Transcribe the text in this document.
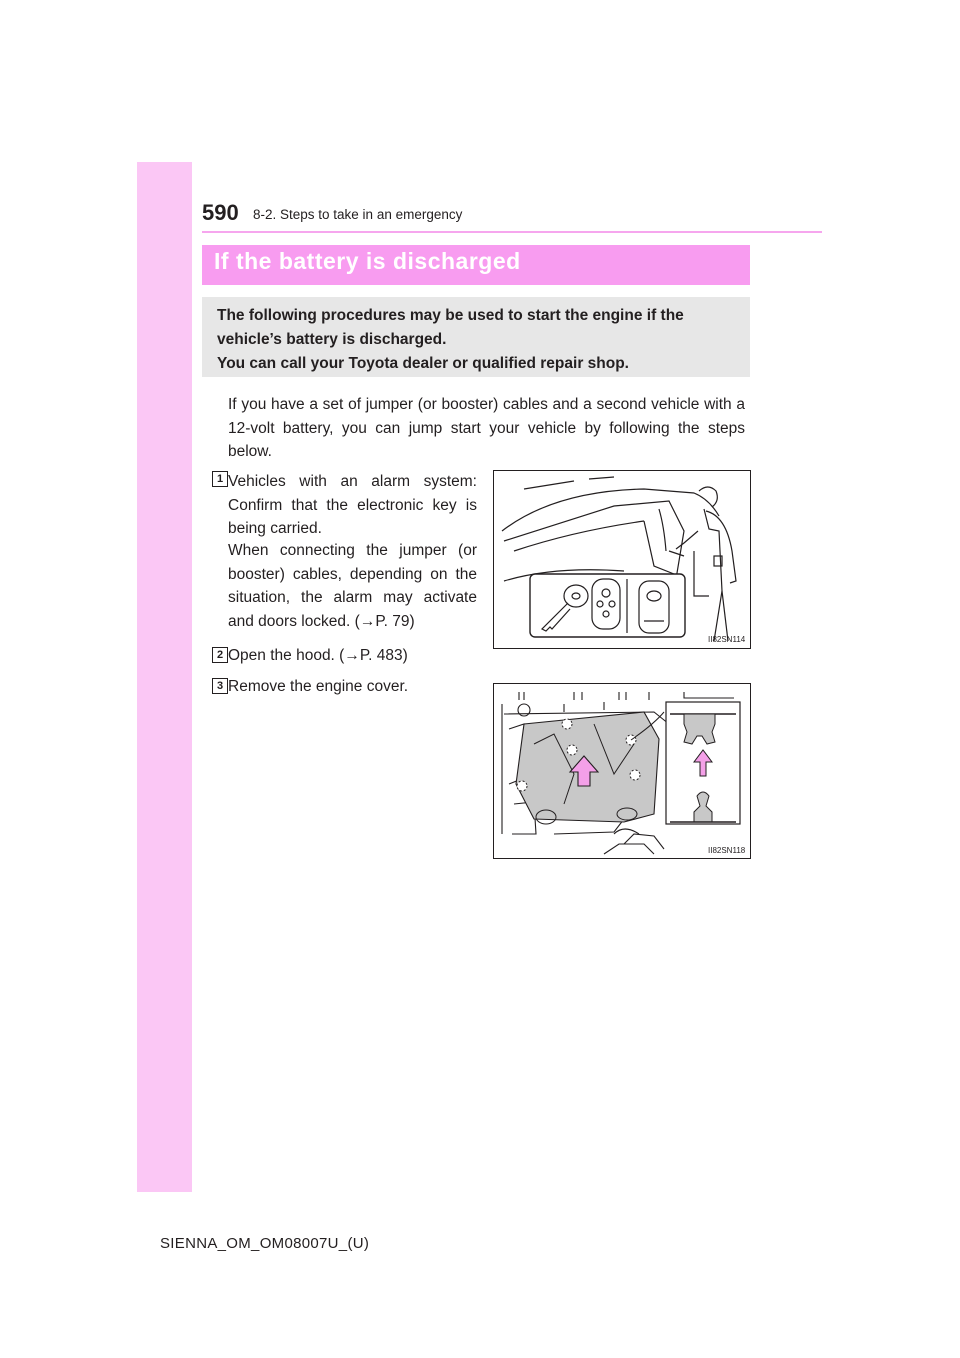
590 8-2. Steps to take in an emergency
If the battery is discharged
The following procedures may be used to start the engine if the
vehicle’s battery is discharged.
You can call your Toyota dealer or qualified repair shop.
If you have a set of jumper (or booster) cables and a second vehicle with a 12-volt battery, you can jump start your vehicle by following the steps below.
1 Vehicles with an alarm system: Confirm that the electronic key is being carried.
When connecting the jumper (or booster) cables, depending on the situation, the alarm may activate and doors locked. (→P. 79)
2 Open the hood. (→P. 483)
3 Remove the engine cover.
II82SN114
II82SN118
SIENNA_OM_OM08007U_(U)
